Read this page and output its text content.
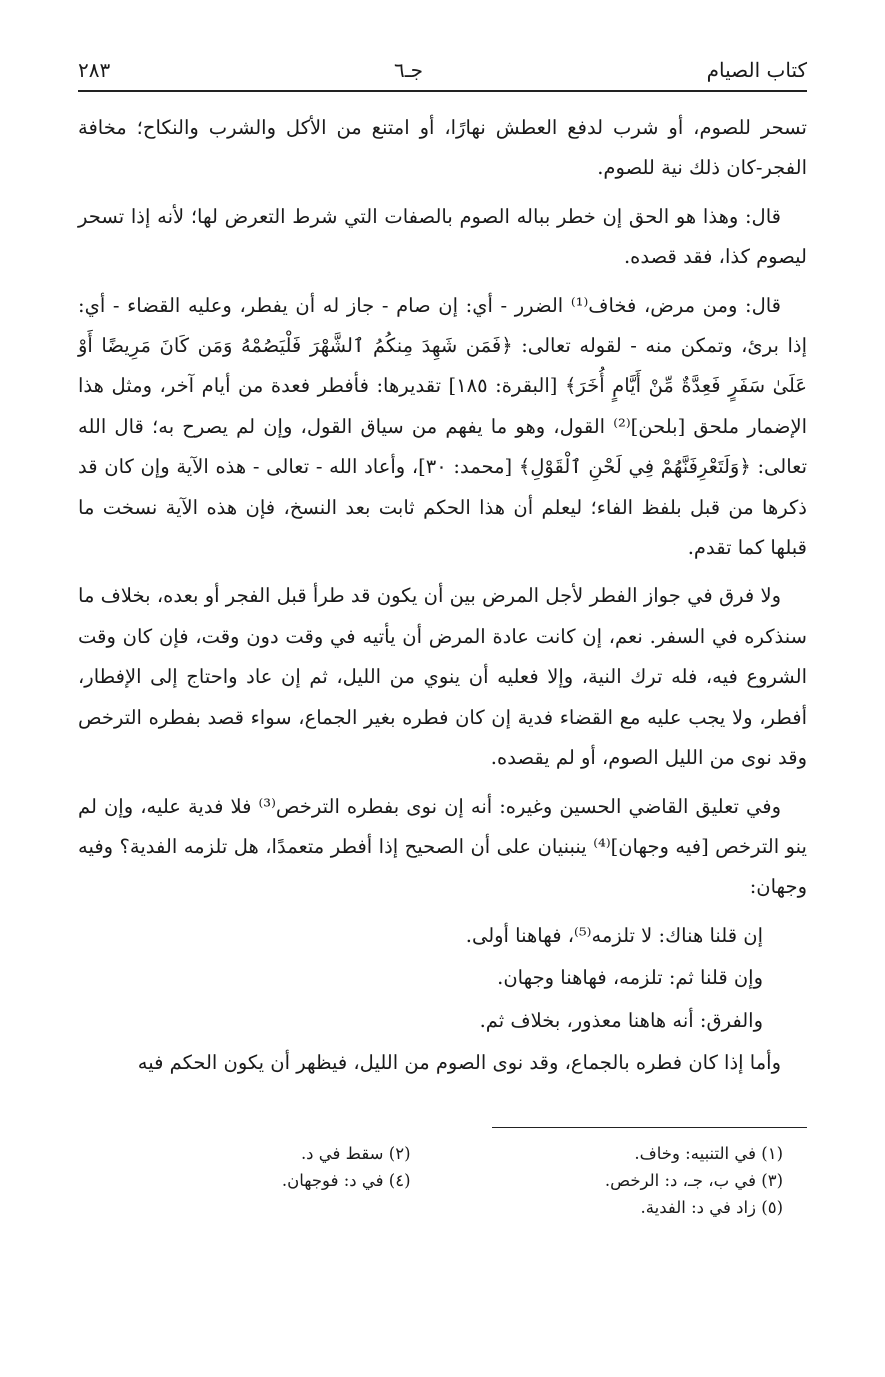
كتاب الصيام
جـ٦
٢٨٣

تسحر للصوم، أو شرب لدفع العطش نهارًا، أو امتنع من الأكل والشرب والنكاح؛ مخافة الفجر-كان ذلك نية للصوم.

قال: وهذا هو الحق إن خطر بباله الصوم بالصفات التي شرط التعرض لها؛ لأنه إذا تسحر ليصوم كذا، فقد قصده.

قال: ومن مرض، فخاف⁽¹⁾ الضرر - أي: إن صام - جاز له أن يفطر، وعليه القضاء - أي: إذا برئ، وتمكن منه - لقوله تعالى: ﴿فَمَن شَهِدَ مِنكُمُ ٱلشَّهْرَ فَلْيَصُمْهُ وَمَن كَانَ مَرِيضًا أَوْ عَلَىٰ سَفَرٍ فَعِدَّةٌ مِّنْ أَيَّامٍ أُخَرَ﴾ [البقرة: ١٨٥] تقديرها: فأفطر فعدة من أيام آخر، ومثل هذا الإضمار ملحق [بلحن]⁽²⁾ القول، وهو ما يفهم من سياق القول، وإن لم يصرح به؛ قال الله تعالى: ﴿وَلَتَعْرِفَنَّهُمْ فِي لَحْنِ ٱلْقَوْلِ﴾ [محمد: ٣٠]، وأعاد الله - تعالى - هذه الآية وإن كان قد ذكرها من قبل بلفظ الفاء؛ ليعلم أن هذا الحكم ثابت بعد النسخ، فإن هذه الآية نسخت ما قبلها كما تقدم.

ولا فرق في جواز الفطر لأجل المرض بين أن يكون قد طرأ قبل الفجر أو بعده، بخلاف ما سنذكره في السفر. نعم، إن كانت عادة المرض أن يأتيه في وقت دون وقت، فإن كان وقت الشروع فيه، فله ترك النية، وإلا فعليه أن ينوي من الليل، ثم إن عاد واحتاج إلى الإفطار، أفطر، ولا يجب عليه مع القضاء فدية إن كان فطره بغير الجماع، سواء قصد بفطره الترخص وقد نوى من الليل الصوم، أو لم يقصده.

وفي تعليق القاضي الحسين وغيره: أنه إن نوى بفطره الترخص⁽³⁾ فلا فدية عليه، وإن لم ينو الترخص [فيه وجهان]⁽⁴⁾ ينبنيان على أن الصحيح إذا أفطر متعمدًا، هل تلزمه الفدية؟ وفيه وجهان:

إن قلنا هناك: لا تلزمه⁽⁵⁾، فهاهنا أولى.

وإن قلنا ثم: تلزمه، فهاهنا وجهان.

والفرق: أنه هاهنا معذور، بخلاف ثم.

وأما إذا كان فطره بالجماع، وقد نوى الصوم من الليل، فيظهر أن يكون الحكم فيه

(١) في التنبيه: وخاف.
(٢) سقط في د.
(٣) في ب، جـ، د: الرخص.
(٤) في د: فوجهان.
(٥) زاد في د: الفدية.
